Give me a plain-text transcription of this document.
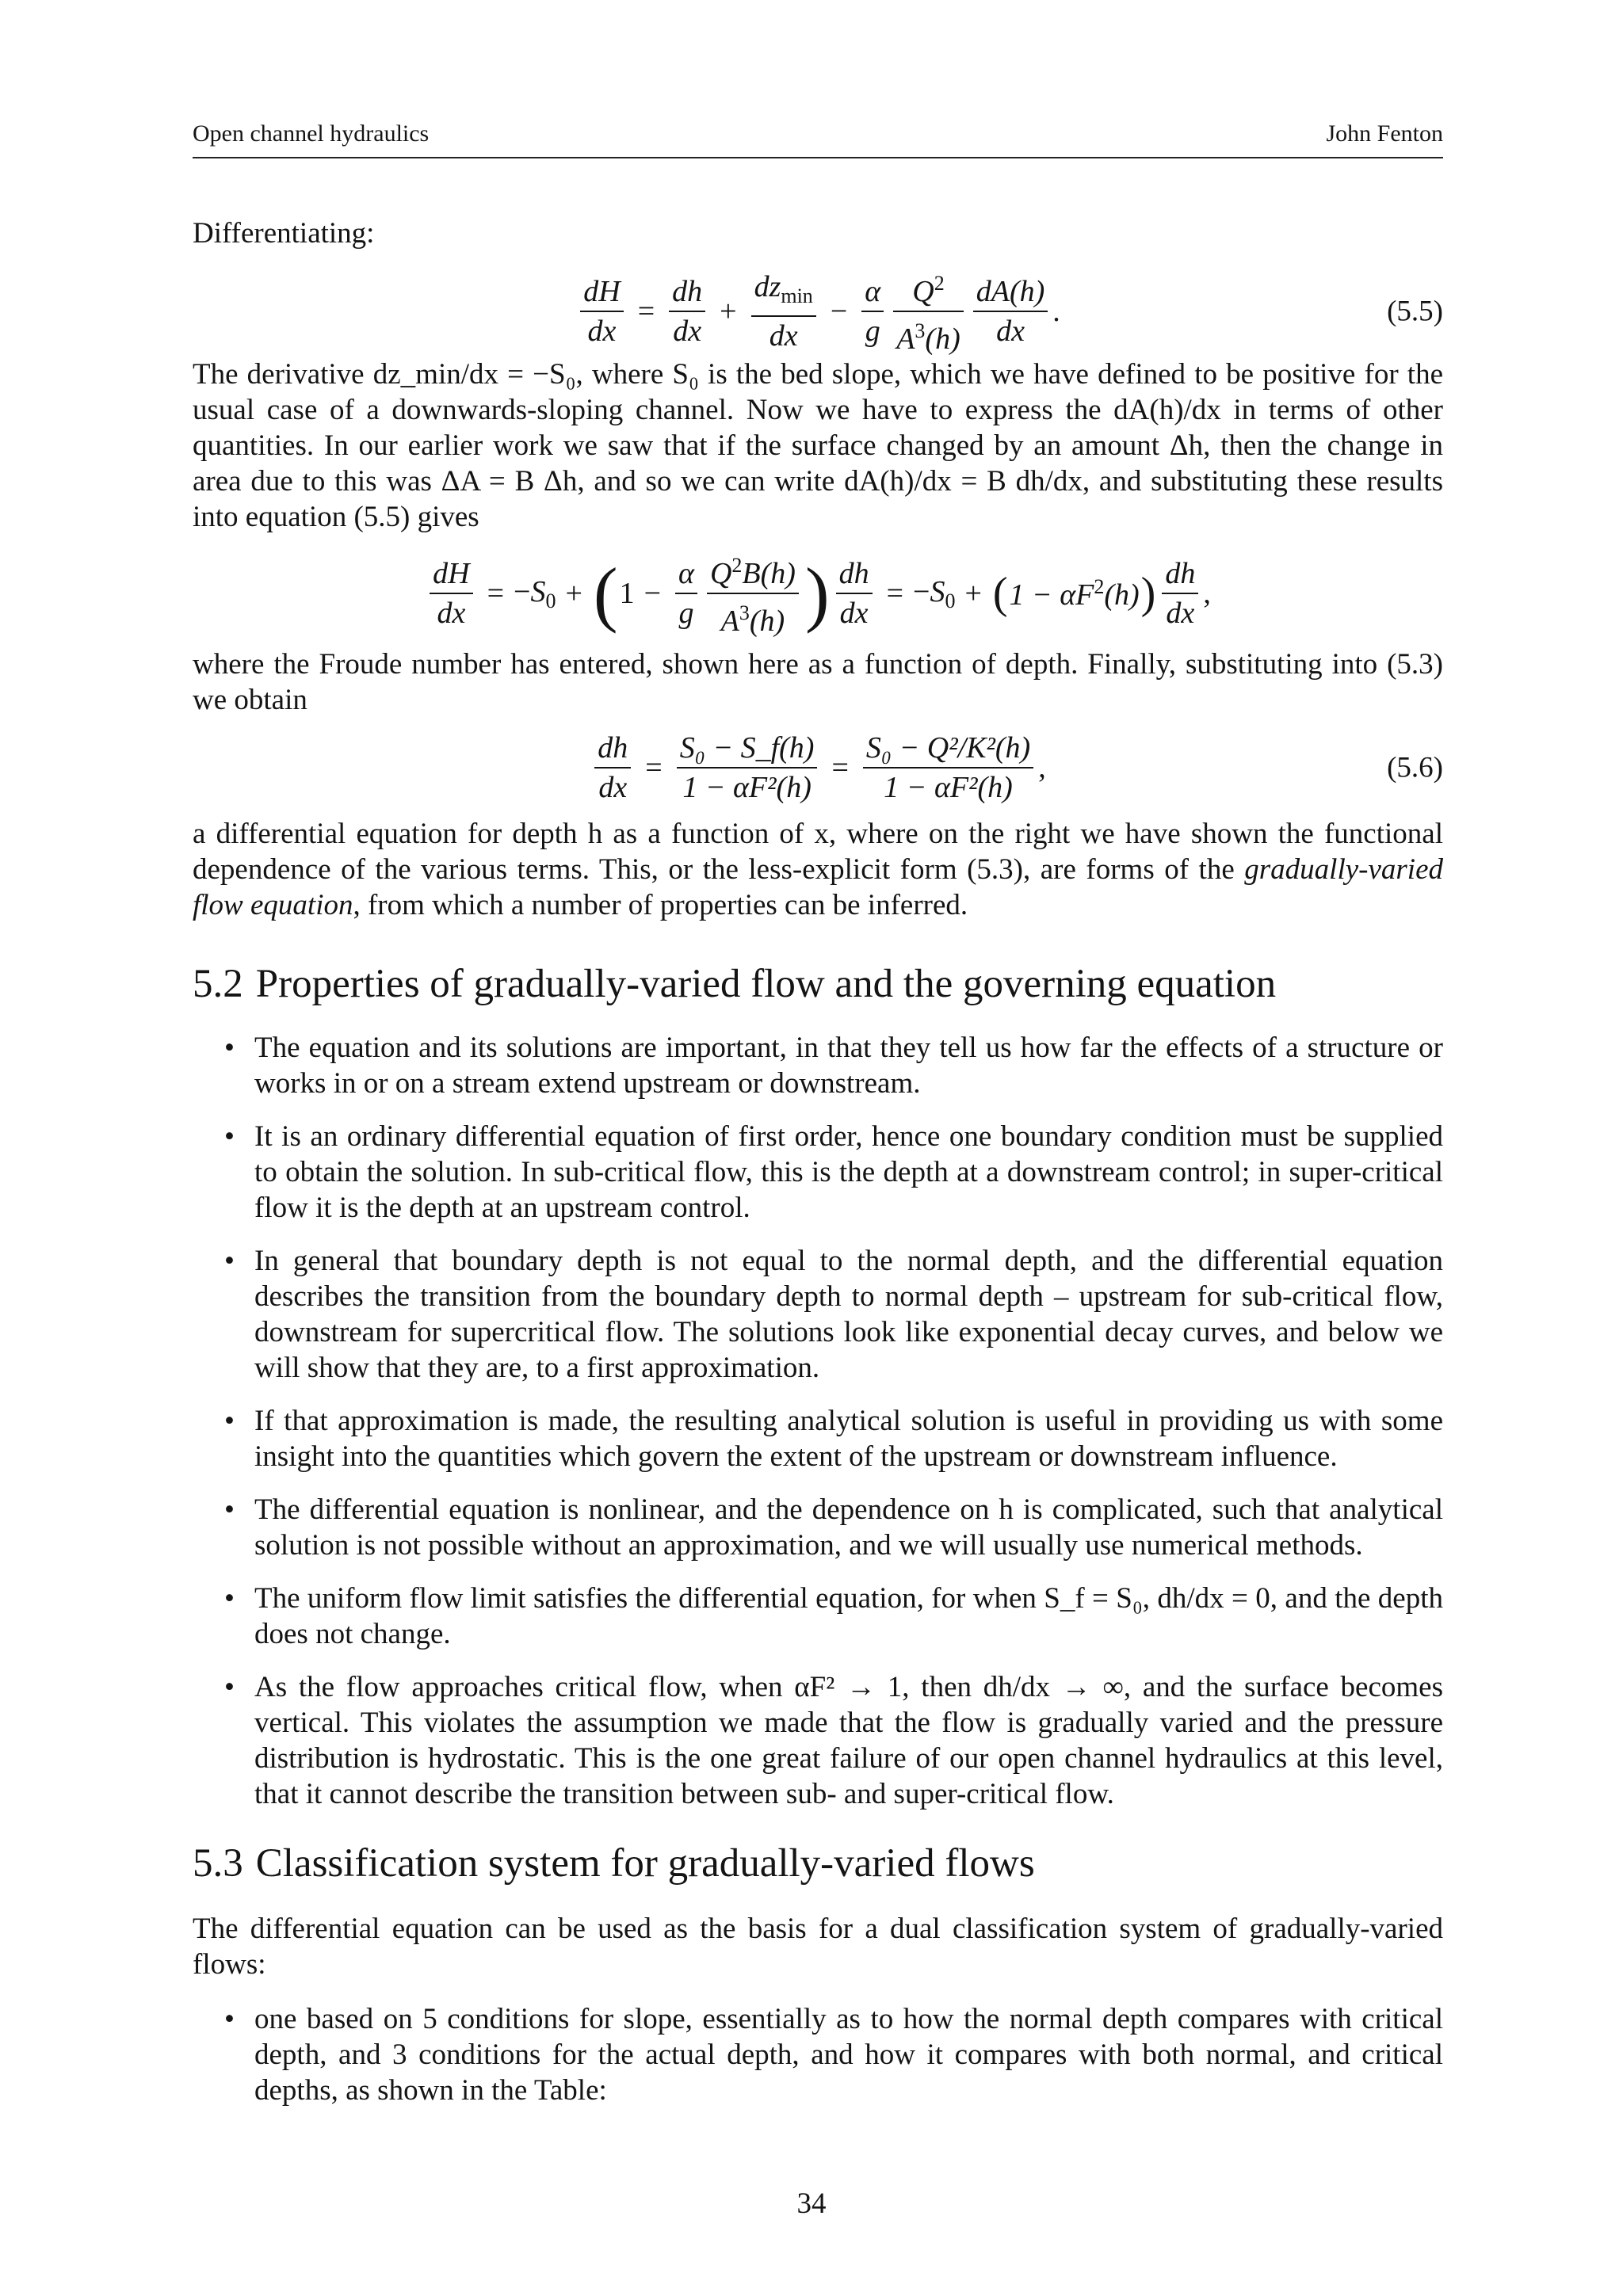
Open channel hydraulics	John Fenton

Differentiating:

$\frac{dH}{dx} = \frac{dh}{dx} + \frac{dz_{min}}{dx} - \frac{\alpha}{g} \frac{Q^2}{A^3(h)} \frac{dA(h)}{dx}$ .	(5.5)

The derivative dz_min/dx = −S₀, where S₀ is the bed slope, which we have defined to be positive for the usual case of a downwards-sloping channel. Now we have to express the dA(h)/dx in terms of other quantities. In our earlier work we saw that if the surface changed by an amount Δh, then the change in area due to this was ΔA = B Δh, and so we can write dA(h)/dx = B dh/dx, and substituting these results into equation (5.5) gives

$\frac{dH}{dx} = -S_0$ + ( $1 - \frac{\alpha}{g} \frac{Q^2B(h)}{A^3(h)}$ ) $\frac{dh}{dx} = -S_0$ + ( $1 - \alpha F^2(h)$ ) $\frac{dh}{dx}$ ,

where the Froude number has entered, shown here as a function of depth. Finally, substituting into (5.3) we obtain

$\frac{dh}{dx} = \frac{\text{S₀ − S\_f(h)}}{\text{1 − αF²(h)}} = \frac{\text{S₀ − Q²/K²(h)}}{\text{1 − αF²(h)}}$ ,	(5.6)

a differential equation for depth h as a function of x, where on the right we have shown the functional dependence of the various terms. This, or the less-explicit form (5.3), are forms of the gradually-varied flow equation, from which a number of properties can be inferred.

5.2 Properties of gradually-varied flow and the governing equation
• The equation and its solutions are important, in that they tell us how far the effects of a structure or works in or on a stream extend upstream or downstream.
• It is an ordinary differential equation of first order, hence one boundary condition must be supplied to obtain the solution. In sub-critical flow, this is the depth at a downstream control; in super-critical flow it is the depth at an upstream control.
• In general that boundary depth is not equal to the normal depth, and the differential equation describes the transition from the boundary depth to normal depth – upstream for sub-critical flow, downstream for supercritical flow. The solutions look like exponential decay curves, and below we will show that they are, to a first approximation.
• If that approximation is made, the resulting analytical solution is useful in providing us with some insight into the quantities which govern the extent of the upstream or downstream influence.
• The differential equation is nonlinear, and the dependence on h is complicated, such that analytical solution is not possible without an approximation, and we will usually use numerical methods.
• The uniform flow limit satisfies the differential equation, for when S_f = S₀, dh/dx = 0, and the depth does not change.
• As the flow approaches critical flow, when αF² → 1, then dh/dx → ∞, and the surface becomes vertical. This violates the assumption we made that the flow is gradually varied and the pressure distribution is hydrostatic. This is the one great failure of our open channel hydraulics at this level, that it cannot describe the transition between sub- and super-critical flow.
5.3 Classification system for gradually-varied flows

The differential equation can be used as the basis for a dual classification system of gradually-varied flows:

• one based on 5 conditions for slope, essentially as to how the normal depth compares with critical depth, and 3 conditions for the actual depth, and how it compares with both normal, and critical depths, as shown in the Table:
34
